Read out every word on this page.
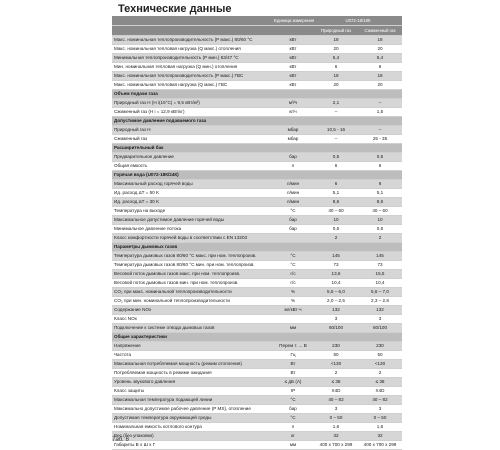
Технические данные
	Единица измерения	U072-18/18К	
		Природный газ	Сжиженный газ
Макс. номинальная теплопроизводительность (P макс.) 80/60 °C	кВт	18	18
Макс. номинальная тепловая нагрузка (Q макс.) отопления	кВт	20	20
Минимальная теплопроизводительность (P мин.) 53/47 °C	кВт	5,4	5,4
Мин. номинальная тепловая нагрузка (Q мин.) отопления	кВт	6	6
Макс. номинальная теплопроизводительность (P макс.) ГВС	кВт	18	18
Макс. номинальная тепловая нагрузка (Q макс.) ГВС	кВт	20	20
Объем подачи газа			
Природный газ H (H i(15°C) = 9,5 кВт/м³)	м³/ч	2,1	–
Сжиженный газ (H i = 12,9 кВт/кг)	кг/ч	–	1,5
Допустимое давление подаваемого газа			
Природный газ H	мбар	10,5 - 16	–
Сжиженный газ	мбар	–	25 - 35
Расширительный бак			
Предварительное давление	бар	0,5	0,5
Общая емкость	л	6	6
Горячая вода (U072-18К/24К)			
Максимальный расход горячей воды	л/мин	6	6
Ид. расход ΔT = 50 K	л/мин	5,1	5,1
Ид. расход ΔT = 30 K	л/мин	8,6	8,6
Температура на выходе	°C	40 – 60	40 – 60
Максимальное допустимое давление горячей воды	бар	10	10
Минимальное давление потока	бар	0,5	0,5
Класс комфортности горячей воды в соответствии с EN 13203		2	2
Параметры дымовых газов			
Температура дымовых газов 80/60 °C макс. при ном. теплопроизв.	°C	145	145
Температура дымовых газов 80/60 °C мин. при ном. теплопроизв.	°C	73	73
Весовой поток дымовых газов макс. при ном. теплопроизв.	г/с	13,6	15,5
Весовой поток дымовых газов мин. при ном. теплопроизв.	г/с	10,4	10,4
CO₂ при макс. номинальной теплопроизводительности	%	5,5 – 6,0	5,6 – 7,0
CO₂ при мин. номинальной теплопроизводительности	%	2,0 – 2,5	2,3 – 2,8
Содержание NOx	мг/кВт·ч	132	132
Класс NOx		3	3
Подключение к системе отвода дымовых газов	мм	60/100	60/100
Общие характеристики			
Напряжение	Перем т. ... В	230	230
Частота	Гц	50	50
Максимальная потребляемая мощность (режим отопления)	Вт	<130	<130
Потребляемая мощность в режиме ожидания	Вт	2	2
Уровень звукового давления	≤ дБ (A)	≤ 38	≤ 38
Класс защиты	IP	X4D	X4D
Максимальная температура подающей линии	°C	40 – 82	40 – 82
Максимально допустимое рабочее давление (P MS), отопление	бар	3	3
Допустимая температура окружающей среды	°C	0 – 50	0 – 50
Номинальная емкость котлового контура	л	1,6	1,6
Вес (без упаковки)	кг	32	32
Габариты В х Ш х Г	мм	400 x 700 x 299	400 x 700 x 299
Таб. 6
